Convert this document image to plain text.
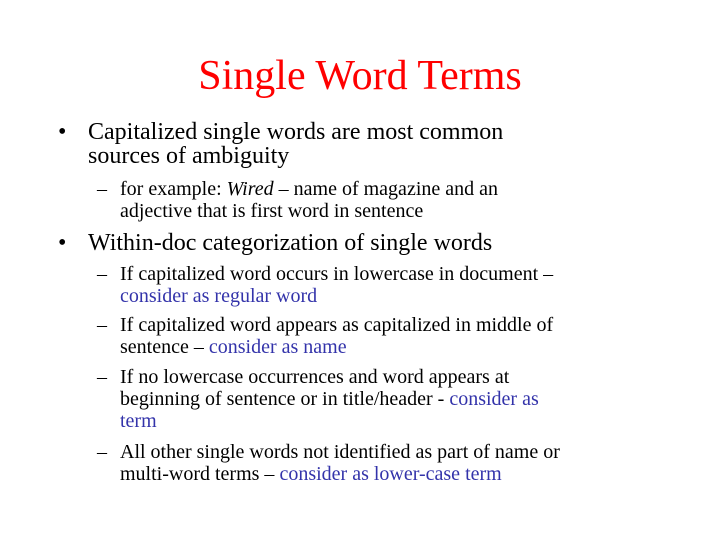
Single Word Terms
• Capitalized single words are most common
sources of ambiguity
– for example: Wired – name of magazine and an
adjective that is first word in sentence
• Within-doc categorization of single words
– If capitalized word occurs in lowercase in document –
consider as regular word
– If capitalized word appears as capitalized in middle of
sentence – consider as name
– If no lowercase occurrences and word appears at
beginning of sentence or in title/header - consider as
term
– All other single words not identified as part of name or
multi-word terms – consider as lower-case term
